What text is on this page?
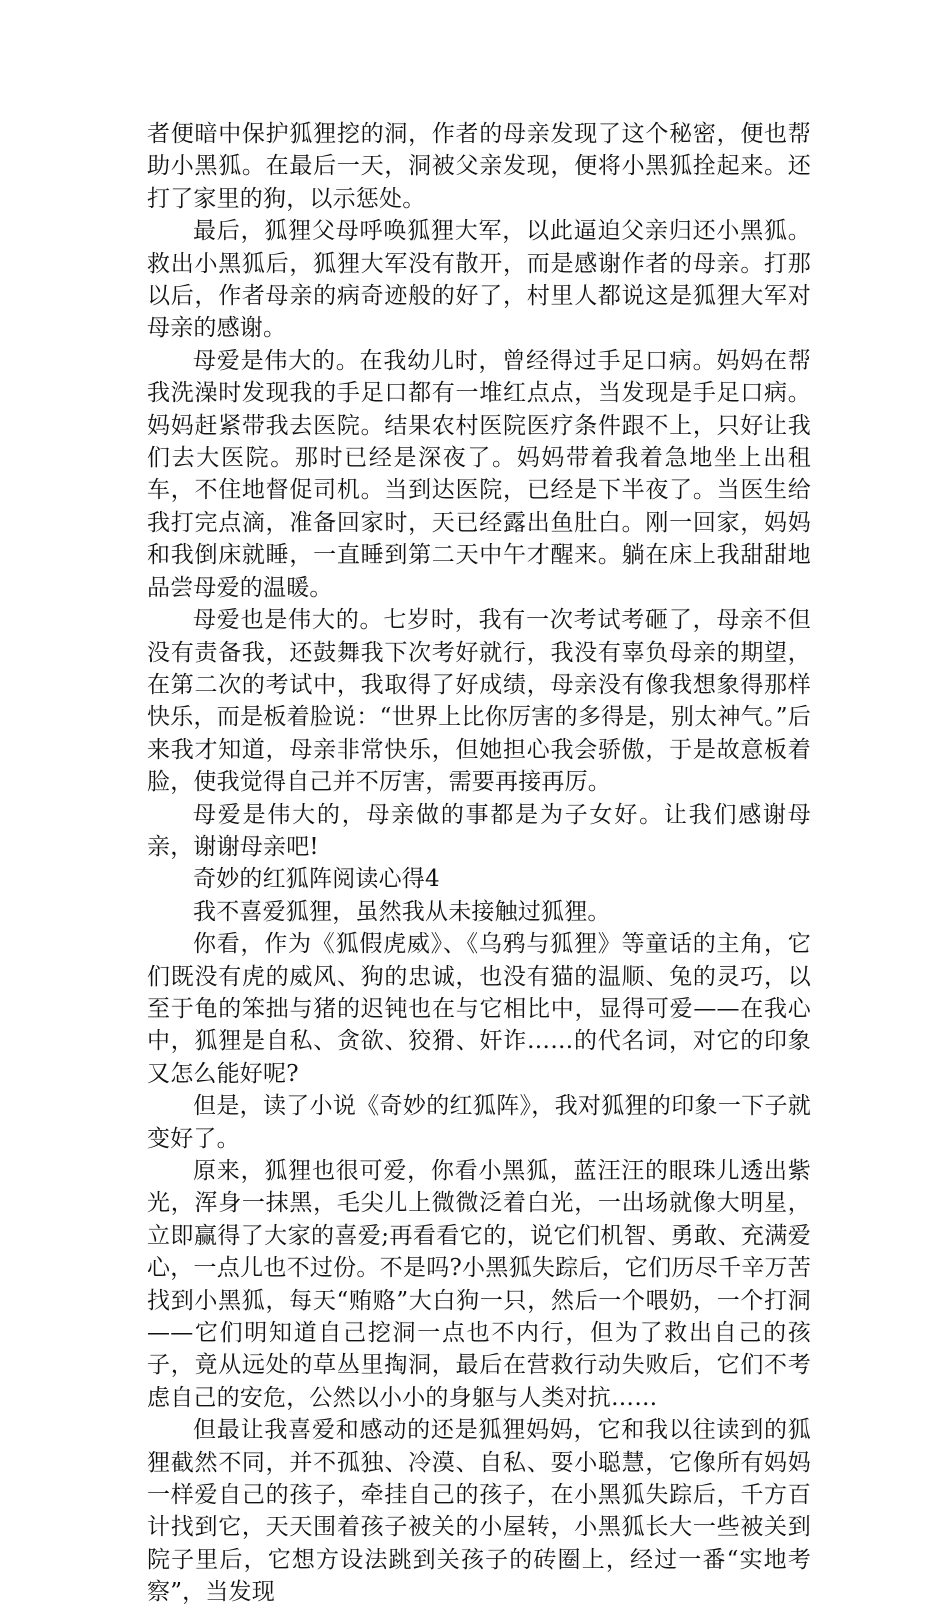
者便暗中保护狐狸挖的洞，作者的母亲发现了这个秘密，便也帮助小黑狐。在最后一天，洞被父亲发现，便将小黑狐拴起来。还打了家里的狗，以示惩处。

最后，狐狸父母呼唤狐狸大军，以此逼迫父亲归还小黑狐。救出小黑狐后，狐狸大军没有散开，而是感谢作者的母亲。打那以后，作者母亲的病奇迹般的好了，村里人都说这是狐狸大军对母亲的感谢。

母爱是伟大的。在我幼儿时，曾经得过手足口病。妈妈在帮我洗澡时发现我的手足口都有一堆红点点，当发现是手足口病。妈妈赶紧带我去医院。结果农村医院医疗条件跟不上，只好让我们去大医院。那时已经是深夜了。妈妈带着我着急地坐上出租车，不住地督促司机。当到达医院，已经是下半夜了。当医生给我打完点滴，准备回家时，天已经露出鱼肚白。刚一回家，妈妈和我倒床就睡，一直睡到第二天中午才醒来。躺在床上我甜甜地品尝母爱的温暖。

母爱也是伟大的。七岁时，我有一次考试考砸了，母亲不但没有责备我，还鼓舞我下次考好就行，我没有辜负母亲的期望，在第二次的考试中，我取得了好成绩，母亲没有像我想象得那样快乐，而是板着脸说：“世界上比你厉害的多得是，别太神气。”后来我才知道，母亲非常快乐，但她担心我会骄傲，于是故意板着脸，使我觉得自己并不厉害，需要再接再厉。

母爱是伟大的，母亲做的事都是为子女好。让我们感谢母亲，谢谢母亲吧!

奇妙的红狐阵阅读心得4

我不喜爱狐狸，虽然我从未接触过狐狸。

你看，作为《狐假虎威》、《乌鸦与狐狸》等童话的主角，它们既没有虎的威风、狗的忠诚，也没有猫的温顺、兔的灵巧，以至于龟的笨拙与猪的迟钝也在与它相比中，显得可爱——在我心中，狐狸是自私、贪欲、狡猾、奸诈……的代名词，对它的印象又怎么能好呢?

但是，读了小说《奇妙的红狐阵》，我对狐狸的印象一下子就变好了。

原来，狐狸也很可爱，你看小黑狐，蓝汪汪的眼珠儿透出紫光，浑身一抹黑，毛尖儿上微微泛着白光，一出场就像大明星，立即赢得了大家的喜爱;再看看它的，说它们机智、勇敢、充满爱心，一点儿也不过份。不是吗?小黑狐失踪后，它们历尽千辛万苦找到小黑狐，每天“贿赂”大白狗一只，然后一个喂奶，一个打洞——它们明知道自己挖洞一点也不内行，但为了救出自己的孩子，竟从远处的草丛里掏洞，最后在营救行动失败后，它们不考虑自己的安危，公然以小小的身躯与人类对抗……

但最让我喜爱和感动的还是狐狸妈妈，它和我以往读到的狐狸截然不同，并不孤独、冷漠、自私、耍小聪慧，它像所有妈妈一样爱自己的孩子，牵挂自己的孩子，在小黑狐失踪后，千方百计找到它，天天围着孩子被关的小屋转，小黑狐长大一些被关到院子里后，它想方设法跳到关孩子的砖圈上，经过一番“实地考察”，当发现
